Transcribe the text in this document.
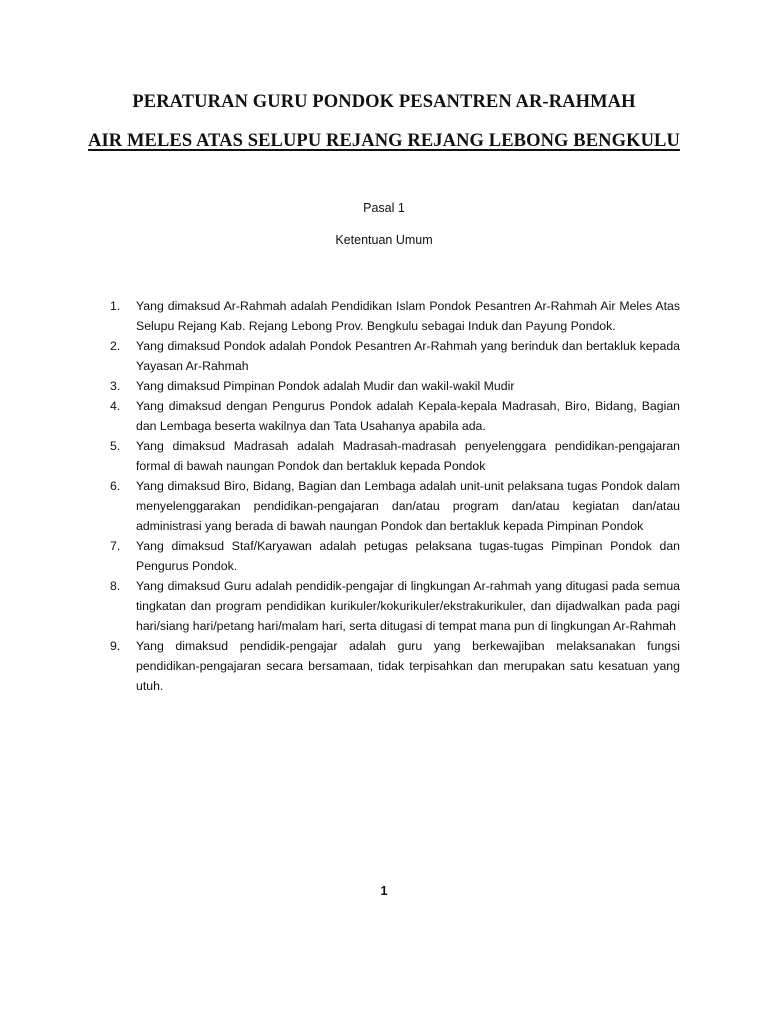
PERATURAN GURU PONDOK PESANTREN AR-RAHMAH
AIR MELES ATAS SELUPU REJANG REJANG LEBONG BENGKULU
Pasal 1
Ketentuan Umum
1.	Yang dimaksud Ar-Rahmah adalah Pendidikan Islam Pondok Pesantren Ar-Rahmah Air Meles Atas Selupu Rejang Kab. Rejang Lebong Prov. Bengkulu sebagai Induk dan Payung Pondok.
2.	Yang dimaksud Pondok adalah Pondok Pesantren Ar-Rahmah yang berinduk dan bertakluk kepada Yayasan Ar-Rahmah
3.	Yang dimaksud Pimpinan Pondok adalah Mudir dan wakil-wakil Mudir
4.	Yang dimaksud dengan Pengurus Pondok adalah Kepala-kepala Madrasah, Biro, Bidang, Bagian dan Lembaga beserta wakilnya dan Tata Usahanya apabila ada.
5.	Yang dimaksud Madrasah adalah Madrasah-madrasah penyelenggara pendidikan-pengajaran formal di bawah naungan Pondok dan bertakluk kepada Pondok
6.	Yang dimaksud Biro, Bidang, Bagian dan Lembaga adalah unit-unit pelaksana tugas Pondok dalam menyelenggarakan pendidikan-pengajaran dan/atau program dan/atau kegiatan dan/atau administrasi yang berada di bawah naungan Pondok dan bertakluk kepada Pimpinan Pondok
7.	Yang dimaksud Staf/Karyawan adalah petugas pelaksana tugas-tugas Pimpinan Pondok dan Pengurus Pondok.
8.	Yang dimaksud Guru adalah pendidik-pengajar di lingkungan Ar-rahmah yang ditugasi pada semua tingkatan dan program pendidikan kurikuler/kokurikuler/ekstrakurikuler, dan dijadwalkan pada pagi hari/siang hari/petang hari/malam hari, serta ditugasi di tempat mana pun di lingkungan Ar-Rahmah
9.	Yang dimaksud pendidik-pengajar adalah guru yang berkewajiban melaksanakan fungsi pendidikan-pengajaran secara bersamaan, tidak terpisahkan dan merupakan satu kesatuan yang utuh.
1
